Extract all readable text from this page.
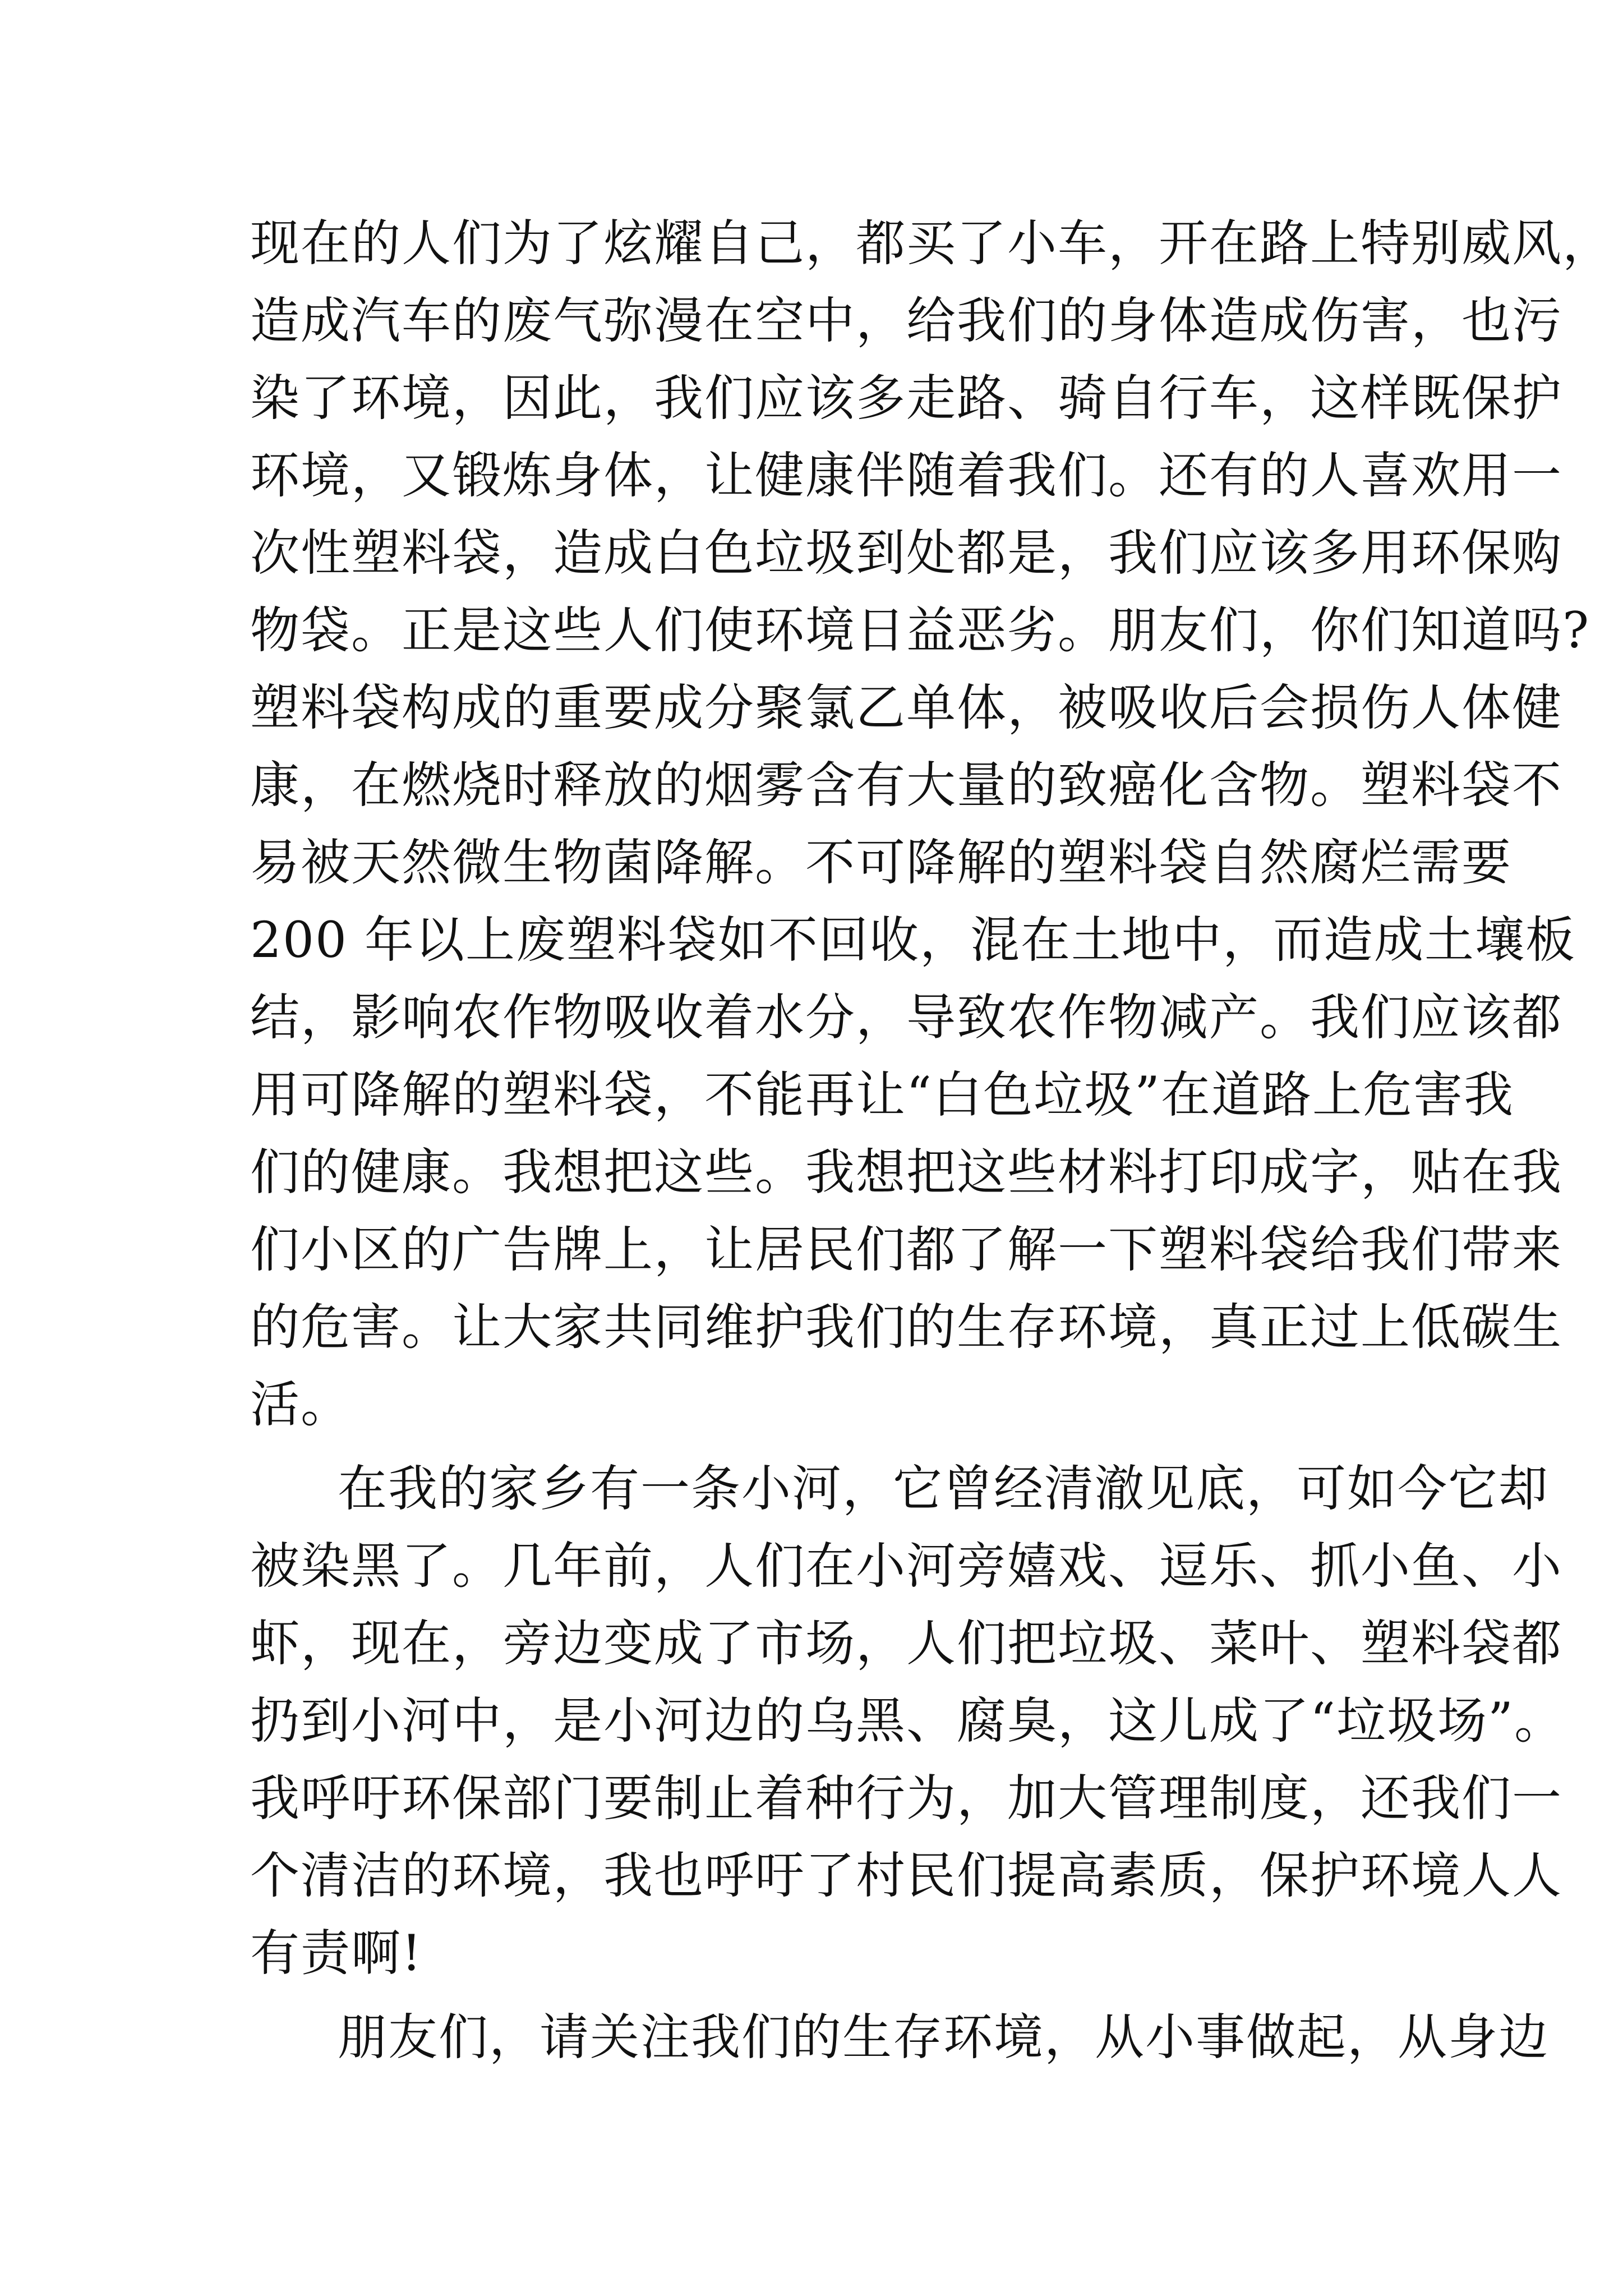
现在的人们为了炫耀自己，都买了小车，开在路上特别威风，
造成汽车的废气弥漫在空中，给我们的身体造成伤害，也污
染了环境，因此，我们应该多走路、骑自行车，这样既保护
环境，又锻炼身体，让健康伴随着我们。还有的人喜欢用一
次性塑料袋，造成白色垃圾到处都是，我们应该多用环保购
物袋。正是这些人们使环境日益恶劣。朋友们，你们知道吗?
塑料袋构成的重要成分聚氯乙单体，被吸收后会损伤人体健
康，在燃烧时释放的烟雾含有大量的致癌化含物。塑料袋不
易被天然微生物菌降解。不可降解的塑料袋自然腐烂需要
200 年以上废塑料袋如不回收，混在土地中，而造成土壤板
结，影响农作物吸收着水分，导致农作物减产。我们应该都
用可降解的塑料袋，不能再让“白色垃圾”在道路上危害我
们的健康。我想把这些。我想把这些材料打印成字，贴在我
们小区的广告牌上，让居民们都了解一下塑料袋给我们带来
的危害。让大家共同维护我们的生存环境，真正过上低碳生
活。
在我的家乡有一条小河，它曾经清澈见底，可如今它却
被染黑了。几年前，人们在小河旁嬉戏、逗乐、抓小鱼、小
虾，现在，旁边变成了市场，人们把垃圾、菜叶、塑料袋都
扔到小河中，是小河边的乌黑、腐臭，这儿成了“垃圾场”。
我呼吁环保部门要制止着种行为，加大管理制度，还我们一
个清洁的环境，我也呼吁了村民们提高素质，保护环境人人
有责啊!
朋友们，请关注我们的生存环境，从小事做起，从身边
